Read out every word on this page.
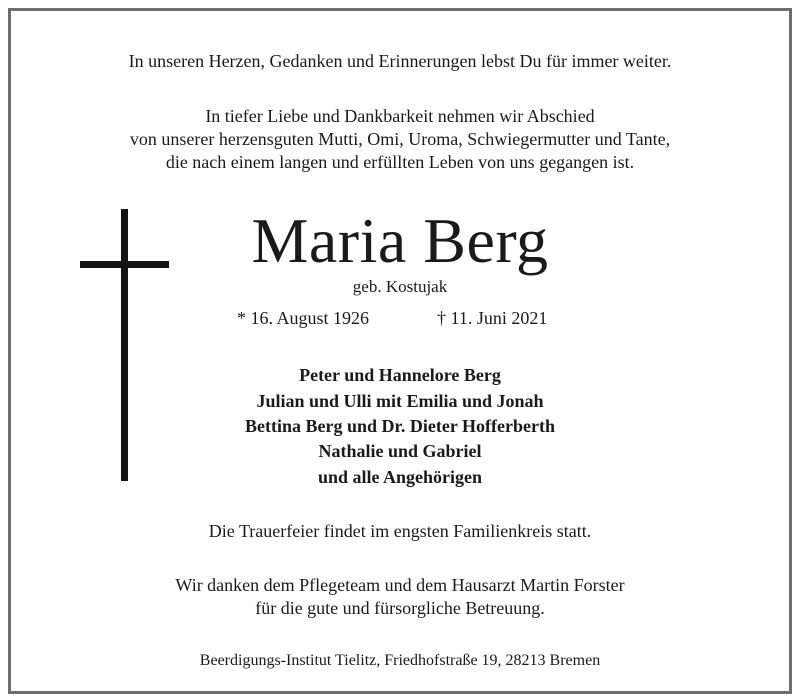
In unseren Herzen, Gedanken und Erinnerungen lebst Du für immer weiter.
In tiefer Liebe und Dankbarkeit nehmen wir Abschied
von unserer herzensguten Mutti, Omi, Uroma, Schwiegermutter und Tante,
die nach einem langen und erfüllten Leben von uns gegangen ist.
Maria Berg
geb. Kostujak
* 16. August 1926	† 11. Juni 2021
Peter und Hannelore Berg
Julian und Ulli mit Emilia und Jonah
Bettina Berg und Dr. Dieter Hofferberth
Nathalie und Gabriel
und alle Angehörigen
Die Trauerfeier findet im engsten Familienkreis statt.
Wir danken dem Pflegeteam und dem Hausarzt Martin Forster
für die gute und fürsorgliche Betreuung.
Beerdigungs-Institut Tielitz, Friedhofstraße 19, 28213 Bremen
